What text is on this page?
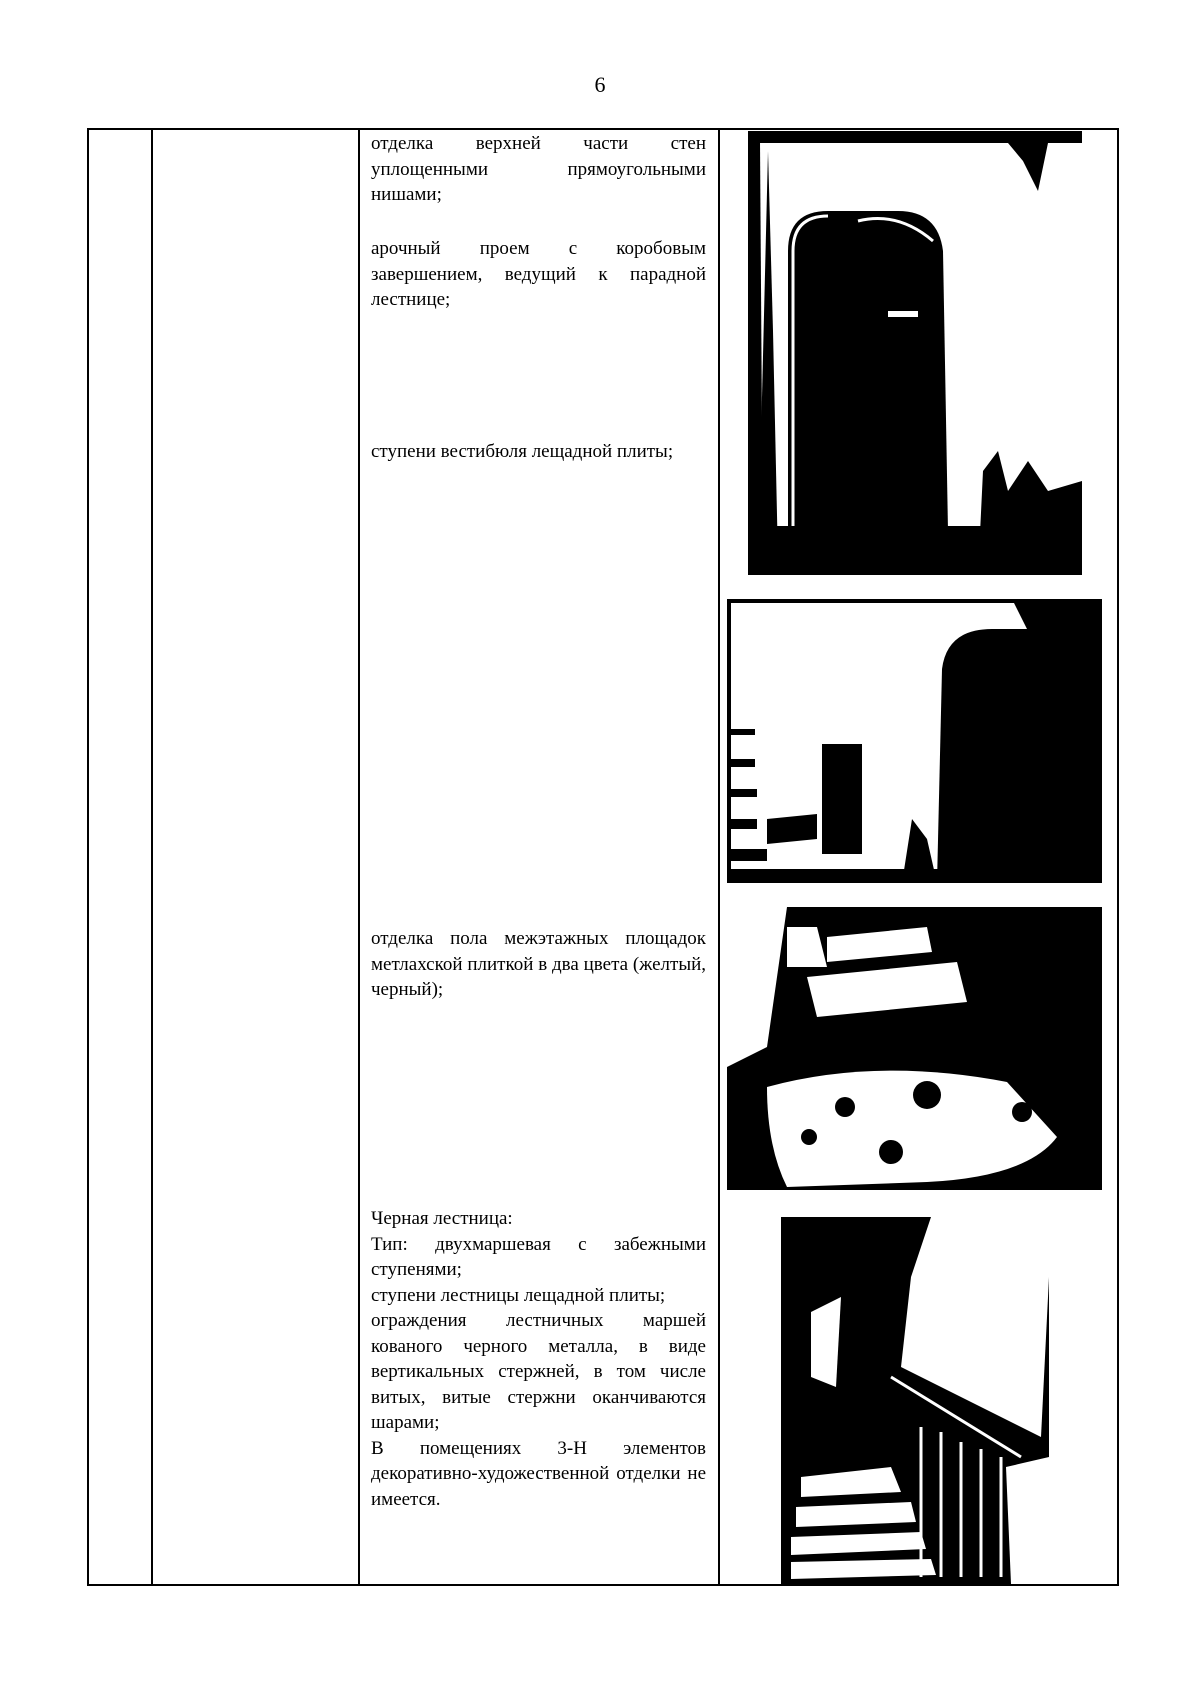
6
отделка верхней части стен уплощенными прямоугольными нишами;
арочный проем с коробовым завершением, ведущий к парадной лестнице;
ступени вестибюля лещадной плиты;
отделка пола межэтажных площадок метлахской плиткой в два цвета (желтый, черный);
Черная лестница:
Тип: двухмаршевая с забежными ступенями;
ступени лестницы лещадной плиты;
ограждения лестничных маршей кованого черного металла, в виде вертикальных стержней, в том числе витых, витые стержни оканчиваются шарами;
В помещениях 3-Н элементов декоративно-художественной отделки не имеется.
